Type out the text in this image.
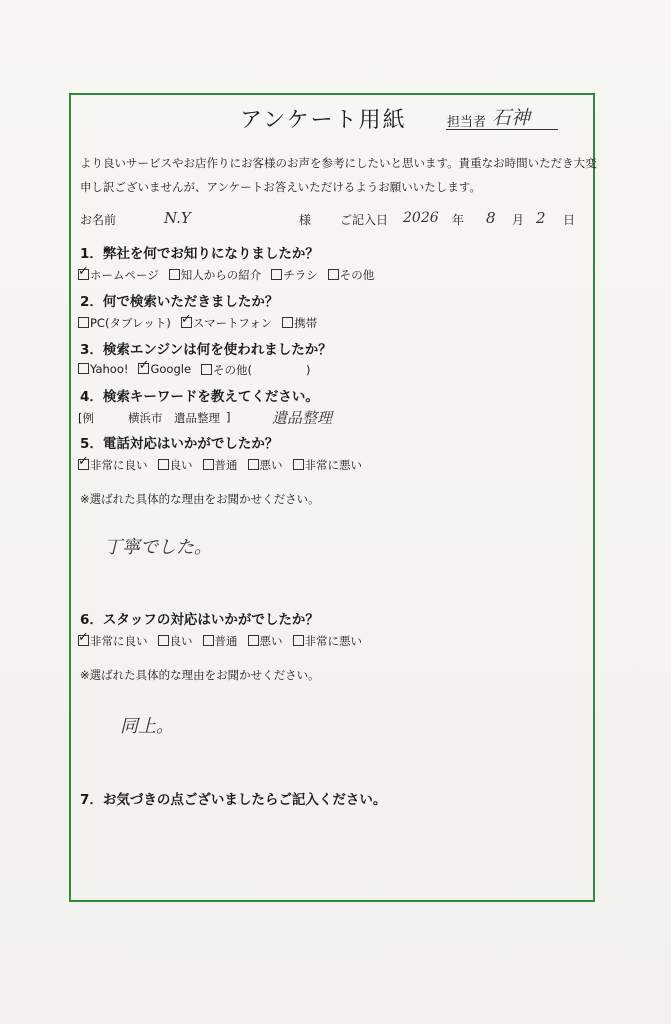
アンケート用紙	担当者 石神
より良いサービスやお店作りにお客様のお声を参考にしたいと思います。貴重なお時間いただき大変
申し訳ございませんが、アンケートお答えいただけるようお願いいたします。
お名前	N.Y	様 ご記入日 2026 年 8 月 2 日
1．弊社を何でお知りになりましたか？
✓ホームページ	知人からの紹介	チラシ	その他
2．何で検索いただきましたか？
PC(タブレット) ✓	スマートフォン	携帯
3．検索エンジンは何を使われましたか？
Yahoo! ✓	Google	その他(	)
4．検索キーワードを教えてください。
[例	横浜市　遺品整理 ]	遺品整理
5．電話対応はいかがでしたか？
✓非常に良い	良い	普通	悪い	非常に悪い
※選ばれた具体的な理由をお聞かせください。
丁寧でした。
6．スタッフの対応はいかがでしたか？
✓非常に良い	良い	普通	悪い	非常に悪い
※選ばれた具体的な理由をお聞かせください。
同上。
7．お気づきの点ございましたらご記入ください。
